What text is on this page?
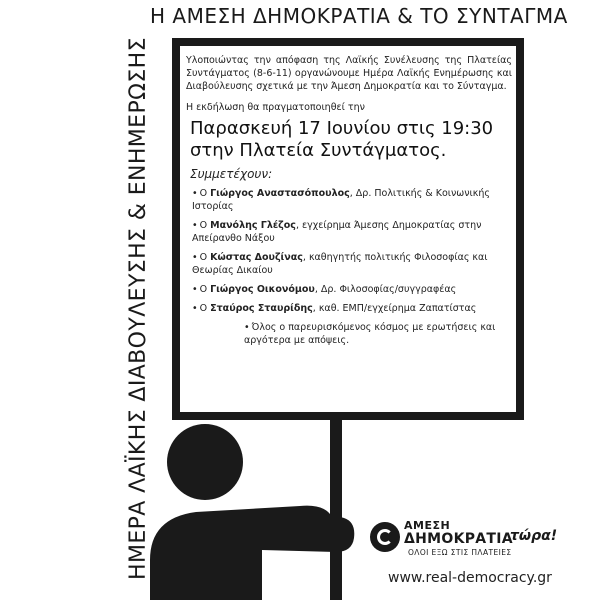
Η ΑΜΕΣΗ ΔΗΜΟΚΡΑΤΙΑ & ΤΟ ΣΥΝΤΑΓΜΑ
ΗΜΕΡΑ ΛΑΪΚΗΣ ΔΙΑΒΟΥΛΕΥΣΗΣ & ΕΝΗΜΕΡΩΣΗΣ	Υλοποιώντας την απόφαση της Λαϊκής Συνέλευσης της Πλατείας Συντάγματος (8-6-11) οργανώνουμε Ημέρα Λαϊκής Ενημέρωσης και Διαβούλευσης σχετικά με την Άμεση Δημοκρατία και το Σύνταγμα.

Η εκδήλωση θα πραγματοποιηθεί την

Παρασκευή 17 Ιουνίου στις 19:30
στην Πλατεία Συντάγματος.
Συμμετέχουν:
• Ο Γιώργος Αναστασόπουλος, Δρ. Πολιτικής & Κοινωνικής Ιστορίας
• Ο Μανόλης Γλέζος, εγχείρημα Άμεσης Δημοκρατίας στην Απείρανθο Νάξου
• Ο Κώστας Δουζίνας, καθηγητής πολιτικής Φιλοσοφίας και Θεωρίας Δικαίου
• Ο Γιώργος Οικονόμου, Δρ. Φιλοσοφίας/συγγραφέας
• Ο Σταύρος Σταυρίδης, καθ. ΕΜΠ/εγχείρημα Ζαπατίστας

• Όλος ο παρευρισκόμενος κόσμος με ερωτήσεις και αργότερα με απόψεις.

ΑΜΕΣΗ
ΔΗΜΟΚΡΑΤΙΑ
τώρα!
ΟΛΟΙ ΕΞΩ ΣΤΙΣ ΠΛΑΤΕΙΕΣ
www.real-democracy.gr
